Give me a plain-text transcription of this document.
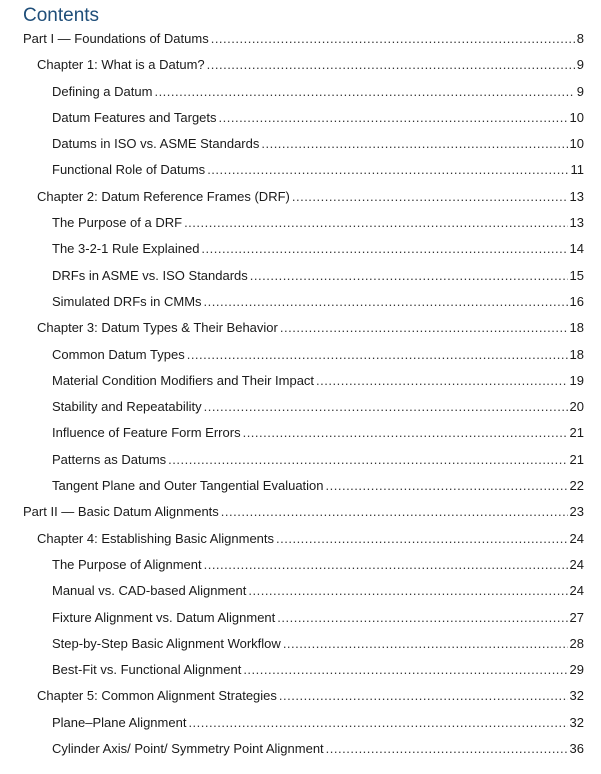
Contents
Part I — Foundations of Datums .....	8
Chapter 1: What is a Datum? .....	9
Defining a Datum .....	9
Datum Features and Targets .....	10
Datums in ISO vs. ASME Standards .....	10
Functional Role of Datums .....	11
Chapter 2: Datum Reference Frames (DRF) .....	13
The Purpose of a DRF .....	13
The 3-2-1 Rule Explained .....	14
DRFs in ASME vs. ISO Standards .....	15
Simulated DRFs in CMMs .....	16
Chapter 3: Datum Types & Their Behavior .....	18
Common Datum Types .....	18
Material Condition Modifiers and Their Impact .....	19
Stability and Repeatability .....	20
Influence of Feature Form Errors .....	21
Patterns as Datums .....	21
Tangent Plane and Outer Tangential Evaluation .....	22
Part II — Basic Datum Alignments .....	23
Chapter 4: Establishing Basic Alignments .....	24
The Purpose of Alignment .....	24
Manual vs. CAD-based Alignment .....	24
Fixture Alignment vs. Datum Alignment .....	27
Step-by-Step Basic Alignment Workflow .....	28
Best-Fit vs. Functional Alignment .....	29
Chapter 5: Common Alignment Strategies .....	32
Plane–Plane Alignment .....	32
Cylinder Axis/ Point/ Symmetry Point Alignment .....	36
